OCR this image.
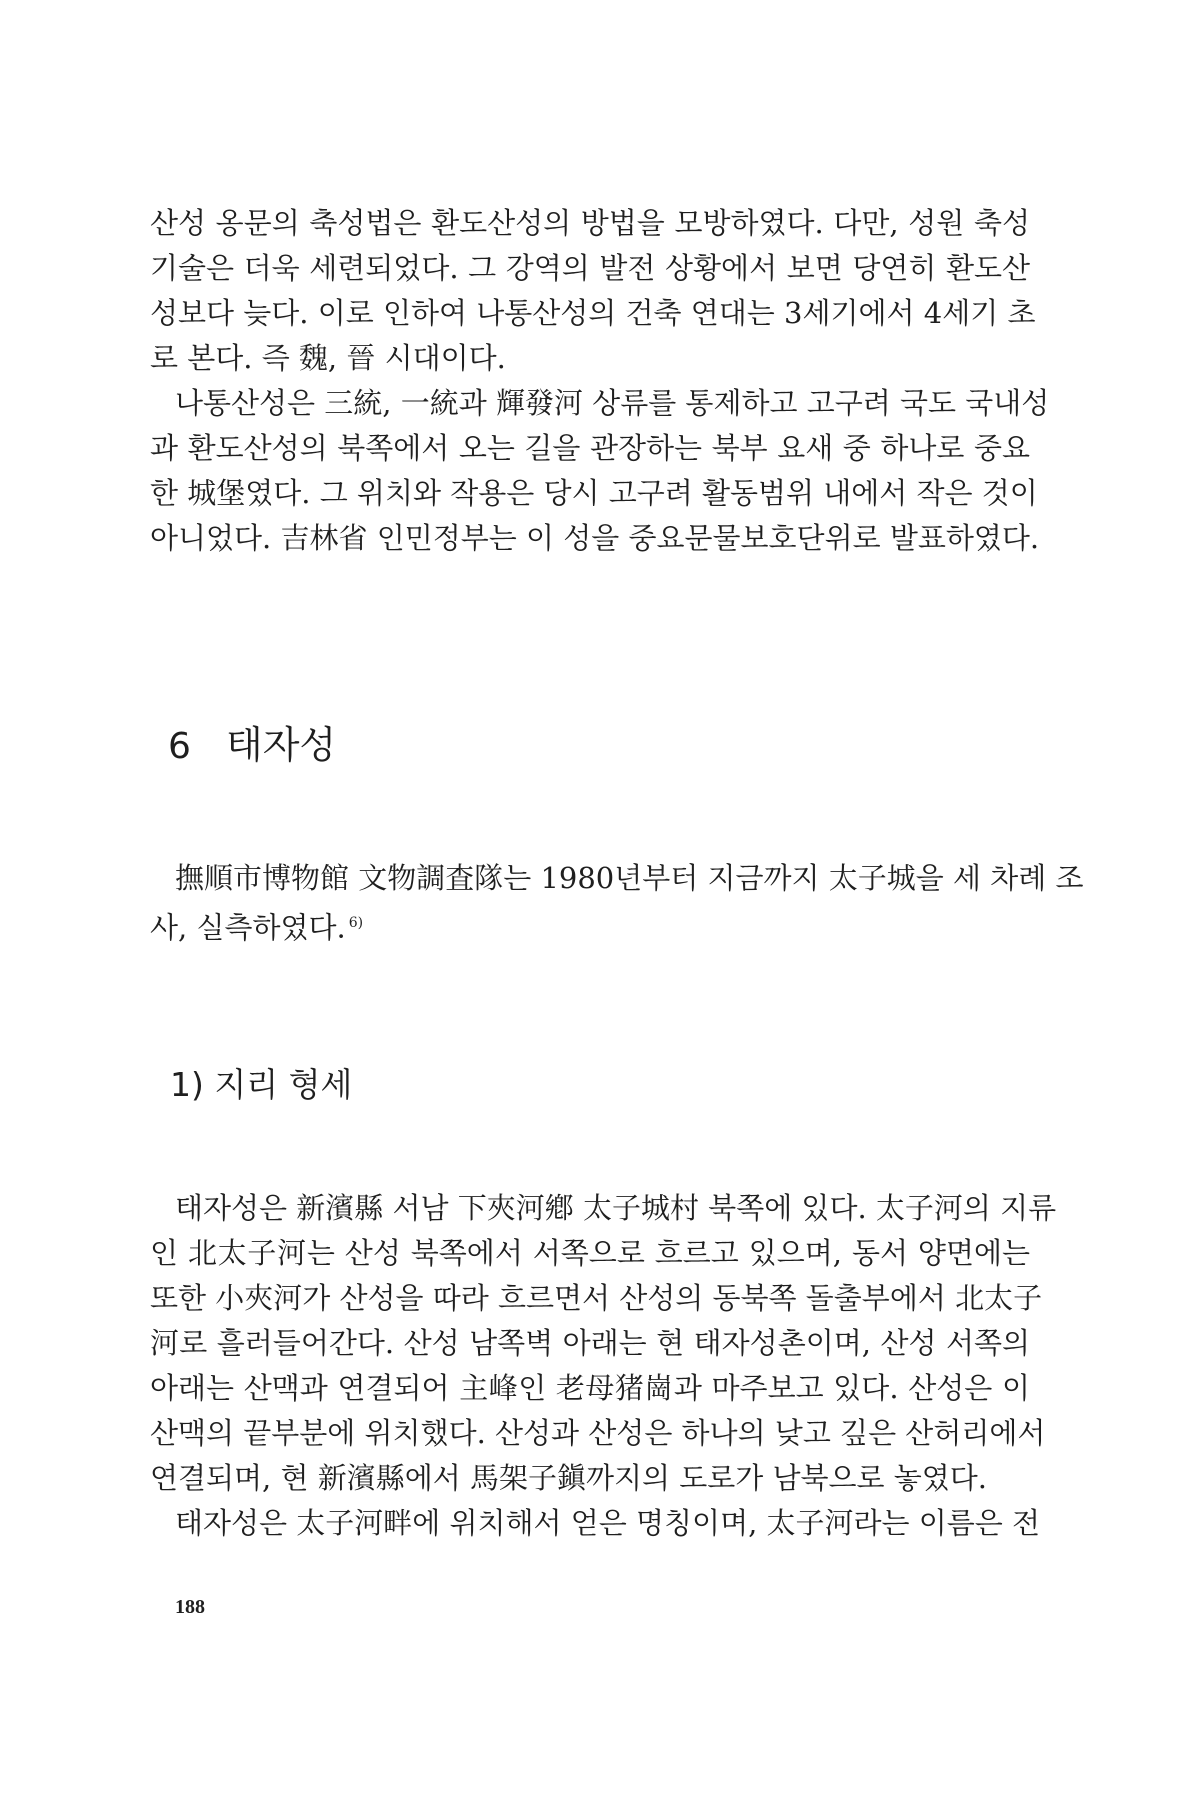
산성 옹문의 축성법은 환도산성의 방법을 모방하였다. 다만, 성원 축성
기술은 더욱 세련되었다. 그 강역의 발전 상황에서 보면 당연히 환도산
성보다 늦다. 이로 인하여 나통산성의 건축 연대는 3세기에서 4세기 초
로 본다. 즉 魏, 晉 시대이다.
나통산성은 三統, 一統과 輝發河 상류를 통제하고 고구려 국도 국내성
과 환도산성의 북쪽에서 오는 길을 관장하는 북부 요새 중 하나로 중요
한 城堡였다. 그 위치와 작용은 당시 고구려 활동범위 내에서 작은 것이
아니었다. 吉林省 인민정부는 이 성을 중요문물보호단위로 발표하였다.
6 태자성
撫順市博物館 文物調査隊는 1980년부터 지금까지 太子城을 세 차례 조
사, 실측하였다. $^{6)}$
1) 지리 형세
태자성은 新濱縣 서남 下夾河鄕 太子城村 북쪽에 있다. 太子河의 지류
인 北太子河는 산성 북쪽에서 서쪽으로 흐르고 있으며, 동서 양면에는
또한 小夾河가 산성을 따라 흐르면서 산성의 동북쪽 돌출부에서 北太子
河로 흘러들어간다. 산성 남쪽벽 아래는 현 태자성촌이며, 산성 서쪽의
아래는 산맥과 연결되어 主峰인 老母猪崗과 마주보고 있다. 산성은 이
산맥의 끝부분에 위치했다. 산성과 산성은 하나의 낮고 깊은 산허리에서
연결되며, 현 新濱縣에서 馬架子鎭까지의 도로가 남북으로 놓였다.
태자성은 太子河畔에 위치해서 얻은 명칭이며, 太子河라는 이름은 전
188
